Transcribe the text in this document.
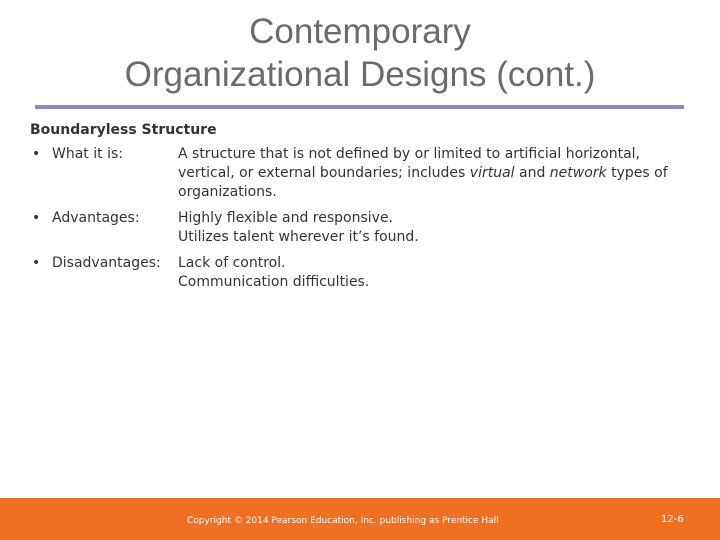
Contemporary
Organizational Designs (cont.)
Boundaryless Structure
• What it is:	A structure that is not defined by or limited to artificial horizontal,
vertical, or external boundaries; includes virtual and network types of
organizations.
• Advantages:	Highly flexible and responsive.
Utilizes talent wherever it’s found.
• Disadvantages:	Lack of control.
Communication difficulties.
Copyright © 2014 Pearson Education, Inc. publishing as Prentice Hall	12-6
